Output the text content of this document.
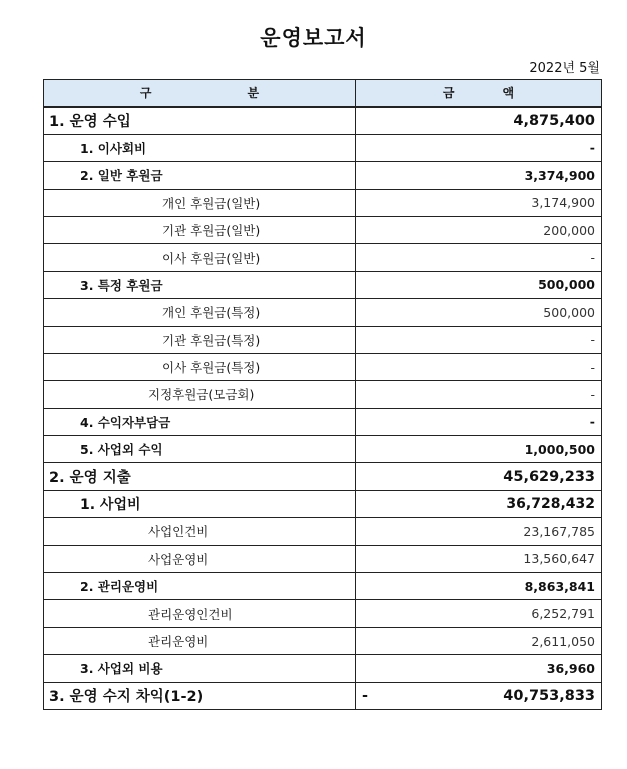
운영보고서
2022년 5월
구 분	금 액
1. 운영 수입	4,875,400
1. 이사회비	-
2. 일반 후원금	3,374,900
개인 후원금(일반)	3,174,900
기관 후원금(일반)	200,000
이사 후원금(일반)	-
3. 특정 후원금	500,000
개인 후원금(특정)	500,000
기관 후원금(특정)	-
이사 후원금(특정)	-
지정후원금(모금회)	-
4. 수익자부담금	-
5. 사업외 수익	1,000,500
2. 운영 지출	45,629,233
1. 사업비	36,728,432
사업인건비	23,167,785
사업운영비	13,560,647
2. 관리운영비	8,863,841
관리운영인건비	6,252,791
관리운영비	2,611,050
3. 사업외 비용	36,960
3. 운영 수지 차익(1-2)	- 40,753,833
